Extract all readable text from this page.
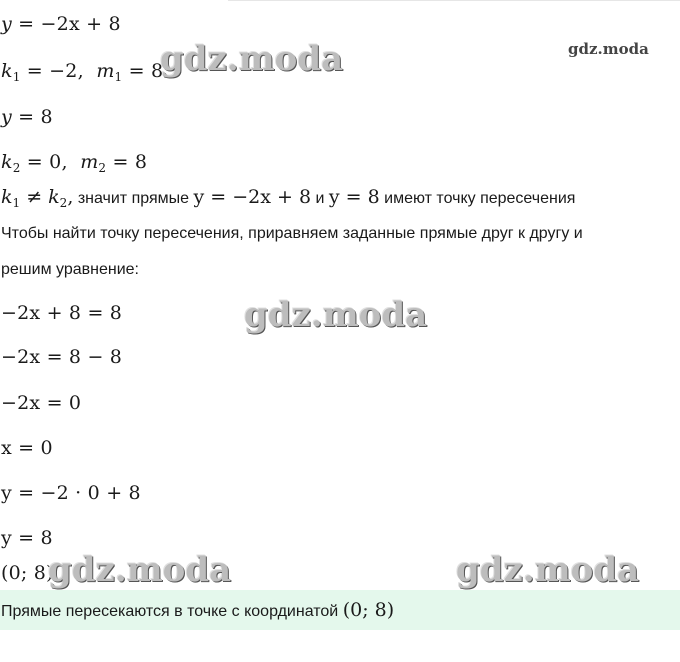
y = −2x + 8
$k_1 = -2$, $m_1 = 8$
y = 8
$k_2 = 0$, $m_2 = 8$
$k_1 \ne k_2$, значит прямые y = −2x + 8 и y = 8 имеют точку пересечения
Чтобы найти точку пересечения, приравняем заданные прямые друг к другу и
решим уравнение:
−2x + 8 = 8
−2x = 8 − 8
−2x = 0
x = 0
y = −2 · 0 + 8
y = 8
(0; 8)
Прямые пересекаются в точке с координатой (0; 8)
gdz.moda	gdz.moda
gdz.moda
gdz.moda	gdz.moda
